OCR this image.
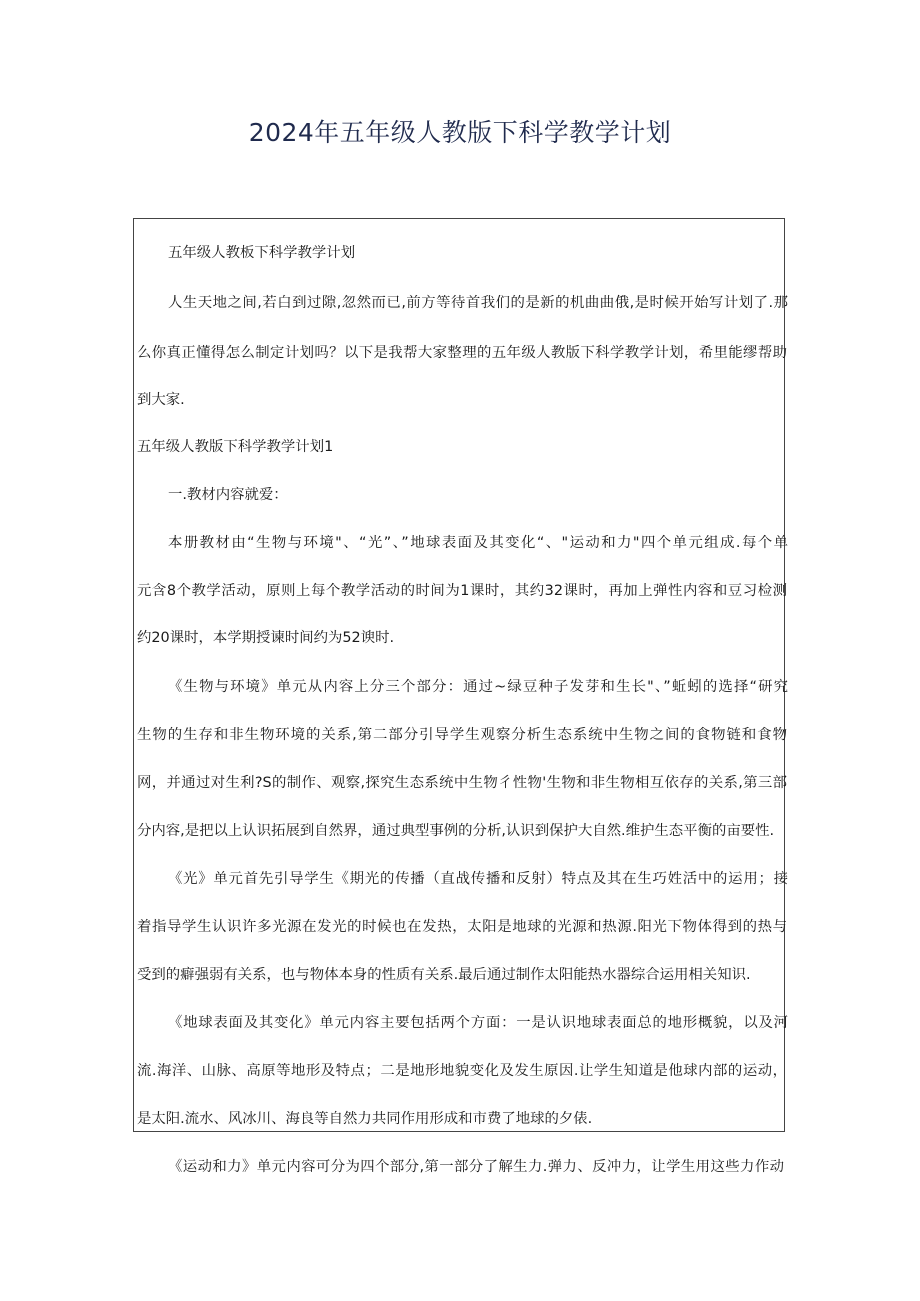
2024年五年级人教版下科学教学计划
五年级人教板下科学教学计划
人生天地之间,若白到过隙,忽然而已,前方等待首我们的是新的机曲曲俄,是时候开始写计划了.那
么你真正懂得怎么制定计划吗？以下是我帮大家整理的五年级人教版下科学教学计划，希里能缪帮助
到大家.
五年级人教版下科学教学计划1
一.教材内容就爱：
本册教材由“生物与环境"、“光”、”地球表面及其变化“、"运动和力"四个单元组成.每个单
元含8个教学活动，原则上每个教学活动的时间为1课时，其约32课时，再加上弹性内容和豆习检测
约20课时，本学期授谏时间约为52谀时.
《生物与环境》单元从内容上分三个部分：通过~绿豆种子发芽和生长"、”蚯蚓的选择“研究
生物的生存和非生物环境的关系,第二部分引导学生观察分析生态系统中生物之间的食物链和食物
网，并通过对生利?S的制作、观察,探究生态系统中生物彳性物'生物和非生物相互依存的关系,第三部
分内容,是把以上认识拓展到自然界，通过典型事例的分析,认识到保护大自然.维护生态平衡的亩要性.
《光》单元首先引导学生《期光的传播（直战传播和反射）特点及其在生巧姓活中的运用；接
着指导学生认识许多光源在发光的时候也在发热，太阳是地球的光源和热源.阳光下物体得到的热与
受到的癖强弱有关系，也与物体本身的性质有关系.最后通过制作太阳能热水器综合运用相关知识.
《地球表面及其变化》单元内容主要包括两个方面：一是认识地球表面总的地形概貌，以及河
流.海洋、山脉、高原等地形及特点；二是地形地貌变化及发生原因.让学生知道是他球内部的运动，
是太阳.流水、风冰川、海良等自然力共同作用形成和市费了地球的夕俵.
《运动和力》单元内容可分为四个部分,第一部分了解生力.弹力、反冲力，让学生用这些力作动
